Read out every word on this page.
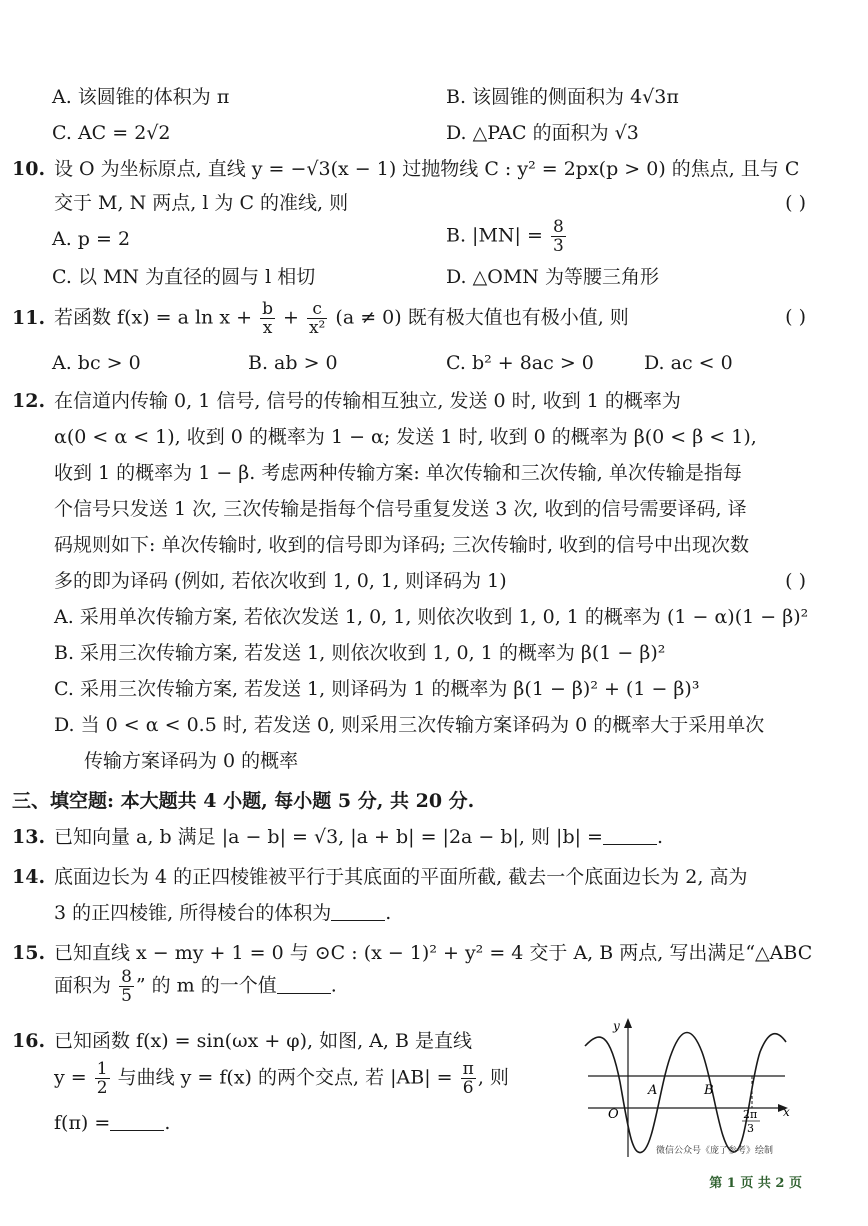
A. 该圆锥的体积为 π	B. 该圆锥的侧面积为 4√3π
C. AC = 2√2	D. △PAC 的面积为 √3
10. 设 O 为坐标原点, 直线 y = −√3(x − 1) 过抛物线 C : y² = 2px(p > 0) 的焦点, 且与 C
交于 M, N 两点, l 为 C 的准线, 则	( )
A. p = 2	B. $|MN| = \frac{8}{3}$
C. 以 MN 为直径的圆与 l 相切	D. △OMN 为等腰三角形
11. 若函数 f(x) = a $\ln x + \frac{b}{x} + \frac{c}{\text{x²}} (a \ne 0)$ 既有极大值也有极小值, 则	( )
A. bc > 0	B. ab > 0	C. b² + 8ac > 0	D. ac < 0
12. 在信道内传输 0, 1 信号, 信号的传输相互独立, 发送 0 时, 收到 1 的概率为
α(0 < α < 1), 收到 0 的概率为 1 − α; 发送 1 时, 收到 0 的概率为 β(0 < β < 1),
收到 1 的概率为 1 − β. 考虑两种传输方案: 单次传输和三次传输, 单次传输是指每
个信号只发送 1 次, 三次传输是指每个信号重复发送 3 次, 收到的信号需要译码, 译
码规则如下: 单次传输时, 收到的信号即为译码; 三次传输时, 收到的信号中出现次数
多的即为译码 (例如, 若依次收到 1, 0, 1, 则译码为 1)	( )
A. 采用单次传输方案, 若依次发送 1, 0, 1, 则依次收到 1, 0, 1 的概率为 (1 − α)(1 − β)²
B. 采用三次传输方案, 若发送 1, 则依次收到 1, 0, 1 的概率为 β(1 − β)²
C. 采用三次传输方案, 若发送 1, 则译码为 1 的概率为 β(1 − β)² + (1 − β)³
D. 当 0 < α < 0.5 时, 若发送 0, 则采用三次传输方案译码为 0 的概率大于采用单次
传输方案译码为 0 的概率
三、填空题: 本大题共 4 小题, 每小题 5 分, 共 20 分.
13. 已知向量 a, b 满足 |a − b| = √3, |a + b| = |2a − b|, 则 |b| =	.
14. 底面边长为 4 的正四棱锥被平行于其底面的平面所截, 截去一个底面边长为 2, 高为
3 的正四棱锥, 所得棱台的体积为	.
15. 已知直线 x − my + 1 = 0 与 ⊙C : (x − 1)² + y² = 4 交于 A, B 两点, 写出满足“△ABC
面积为 $\frac{8}{5}$ ” 的 m 的一个值	.
16. 已知函数 f(x) = sin(ωx + φ), 如图, A, B 是直线
$y = \frac{1}{2}$ 与曲线 y = f(x) 的两个交点, 若 $|AB| = \frac{\pi}{6}$ , 则
f(π) =	.
y
x
O
A	B
2π
3
微信公众号《庞了参考》绘制
第 1 页 共 2 页
